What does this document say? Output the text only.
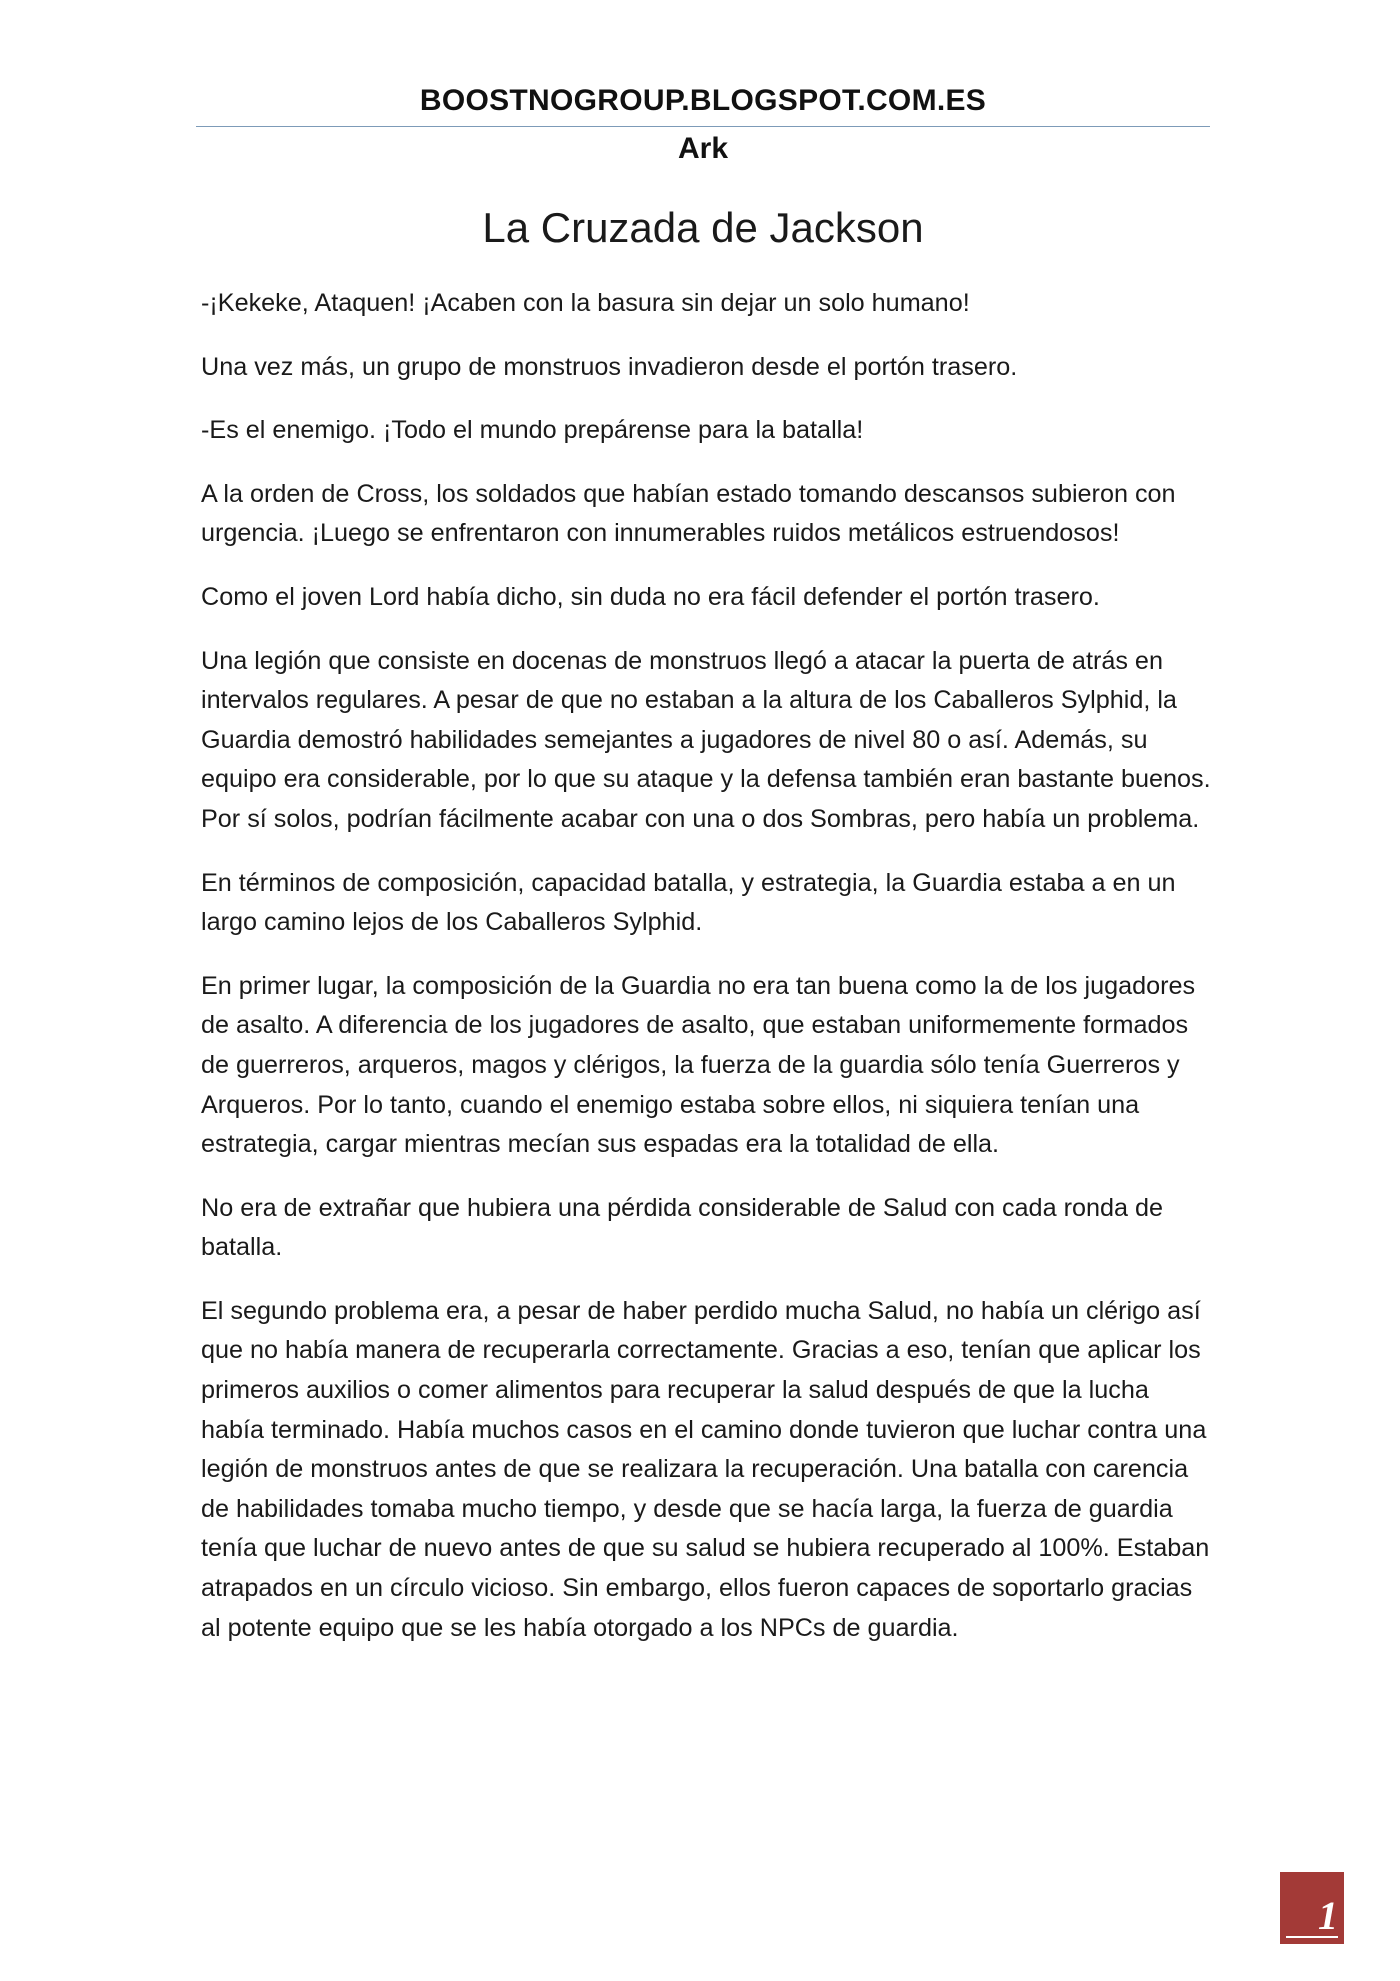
BOOSTNOGROUP.BLOGSPOT.COM.ES
Ark
La Cruzada de Jackson

-¡Kekeke, Ataquen! ¡Acaben con la basura sin dejar un solo humano!

Una vez más, un grupo de monstruos invadieron desde el portón trasero.

-Es el enemigo. ¡Todo el mundo prepárense para la batalla!

A la orden de Cross, los soldados que habían estado tomando descansos subieron con urgencia. ¡Luego se enfrentaron con innumerables ruidos metálicos estruendosos!

Como el joven Lord había dicho, sin duda no era fácil defender el portón trasero.

Una legión que consiste en docenas de monstruos llegó a atacar la puerta de atrás en intervalos regulares. A pesar de que no estaban a la altura de los Caballeros Sylphid, la Guardia demostró habilidades semejantes a jugadores de nivel 80 o así. Además, su equipo era considerable, por lo que su ataque y la defensa también eran bastante buenos. Por sí solos, podrían fácilmente acabar con una o dos Sombras, pero había un problema.

En términos de composición, capacidad batalla, y estrategia, la Guardia estaba a en un largo camino lejos de los Caballeros Sylphid.

En primer lugar, la composición de la Guardia no era tan buena como la de los jugadores de asalto. A diferencia de los jugadores de asalto, que estaban uniformemente formados de guerreros, arqueros, magos y clérigos, la fuerza de la guardia sólo tenía Guerreros y Arqueros. Por lo tanto, cuando el enemigo estaba sobre ellos, ni siquiera tenían una estrategia, cargar mientras mecían sus espadas era la totalidad de ella.

No era de extrañar que hubiera una pérdida considerable de Salud con cada ronda de batalla.

El segundo problema era, a pesar de haber perdido mucha Salud, no había un clérigo así que no había manera de recuperarla correctamente. Gracias a eso, tenían que aplicar los primeros auxilios o comer alimentos para recuperar la salud después de que la lucha había terminado. Había muchos casos en el camino donde tuvieron que luchar contra una legión de monstruos antes de que se realizara la recuperación. Una batalla con carencia de habilidades tomaba mucho tiempo, y desde que se hacía larga, la fuerza de guardia tenía que luchar de nuevo antes de que su salud se hubiera recuperado al 100%. Estaban atrapados en un círculo vicioso. Sin embargo, ellos fueron capaces de soportarlo gracias al potente equipo que se les había otorgado a los NPCs de guardia.

1
